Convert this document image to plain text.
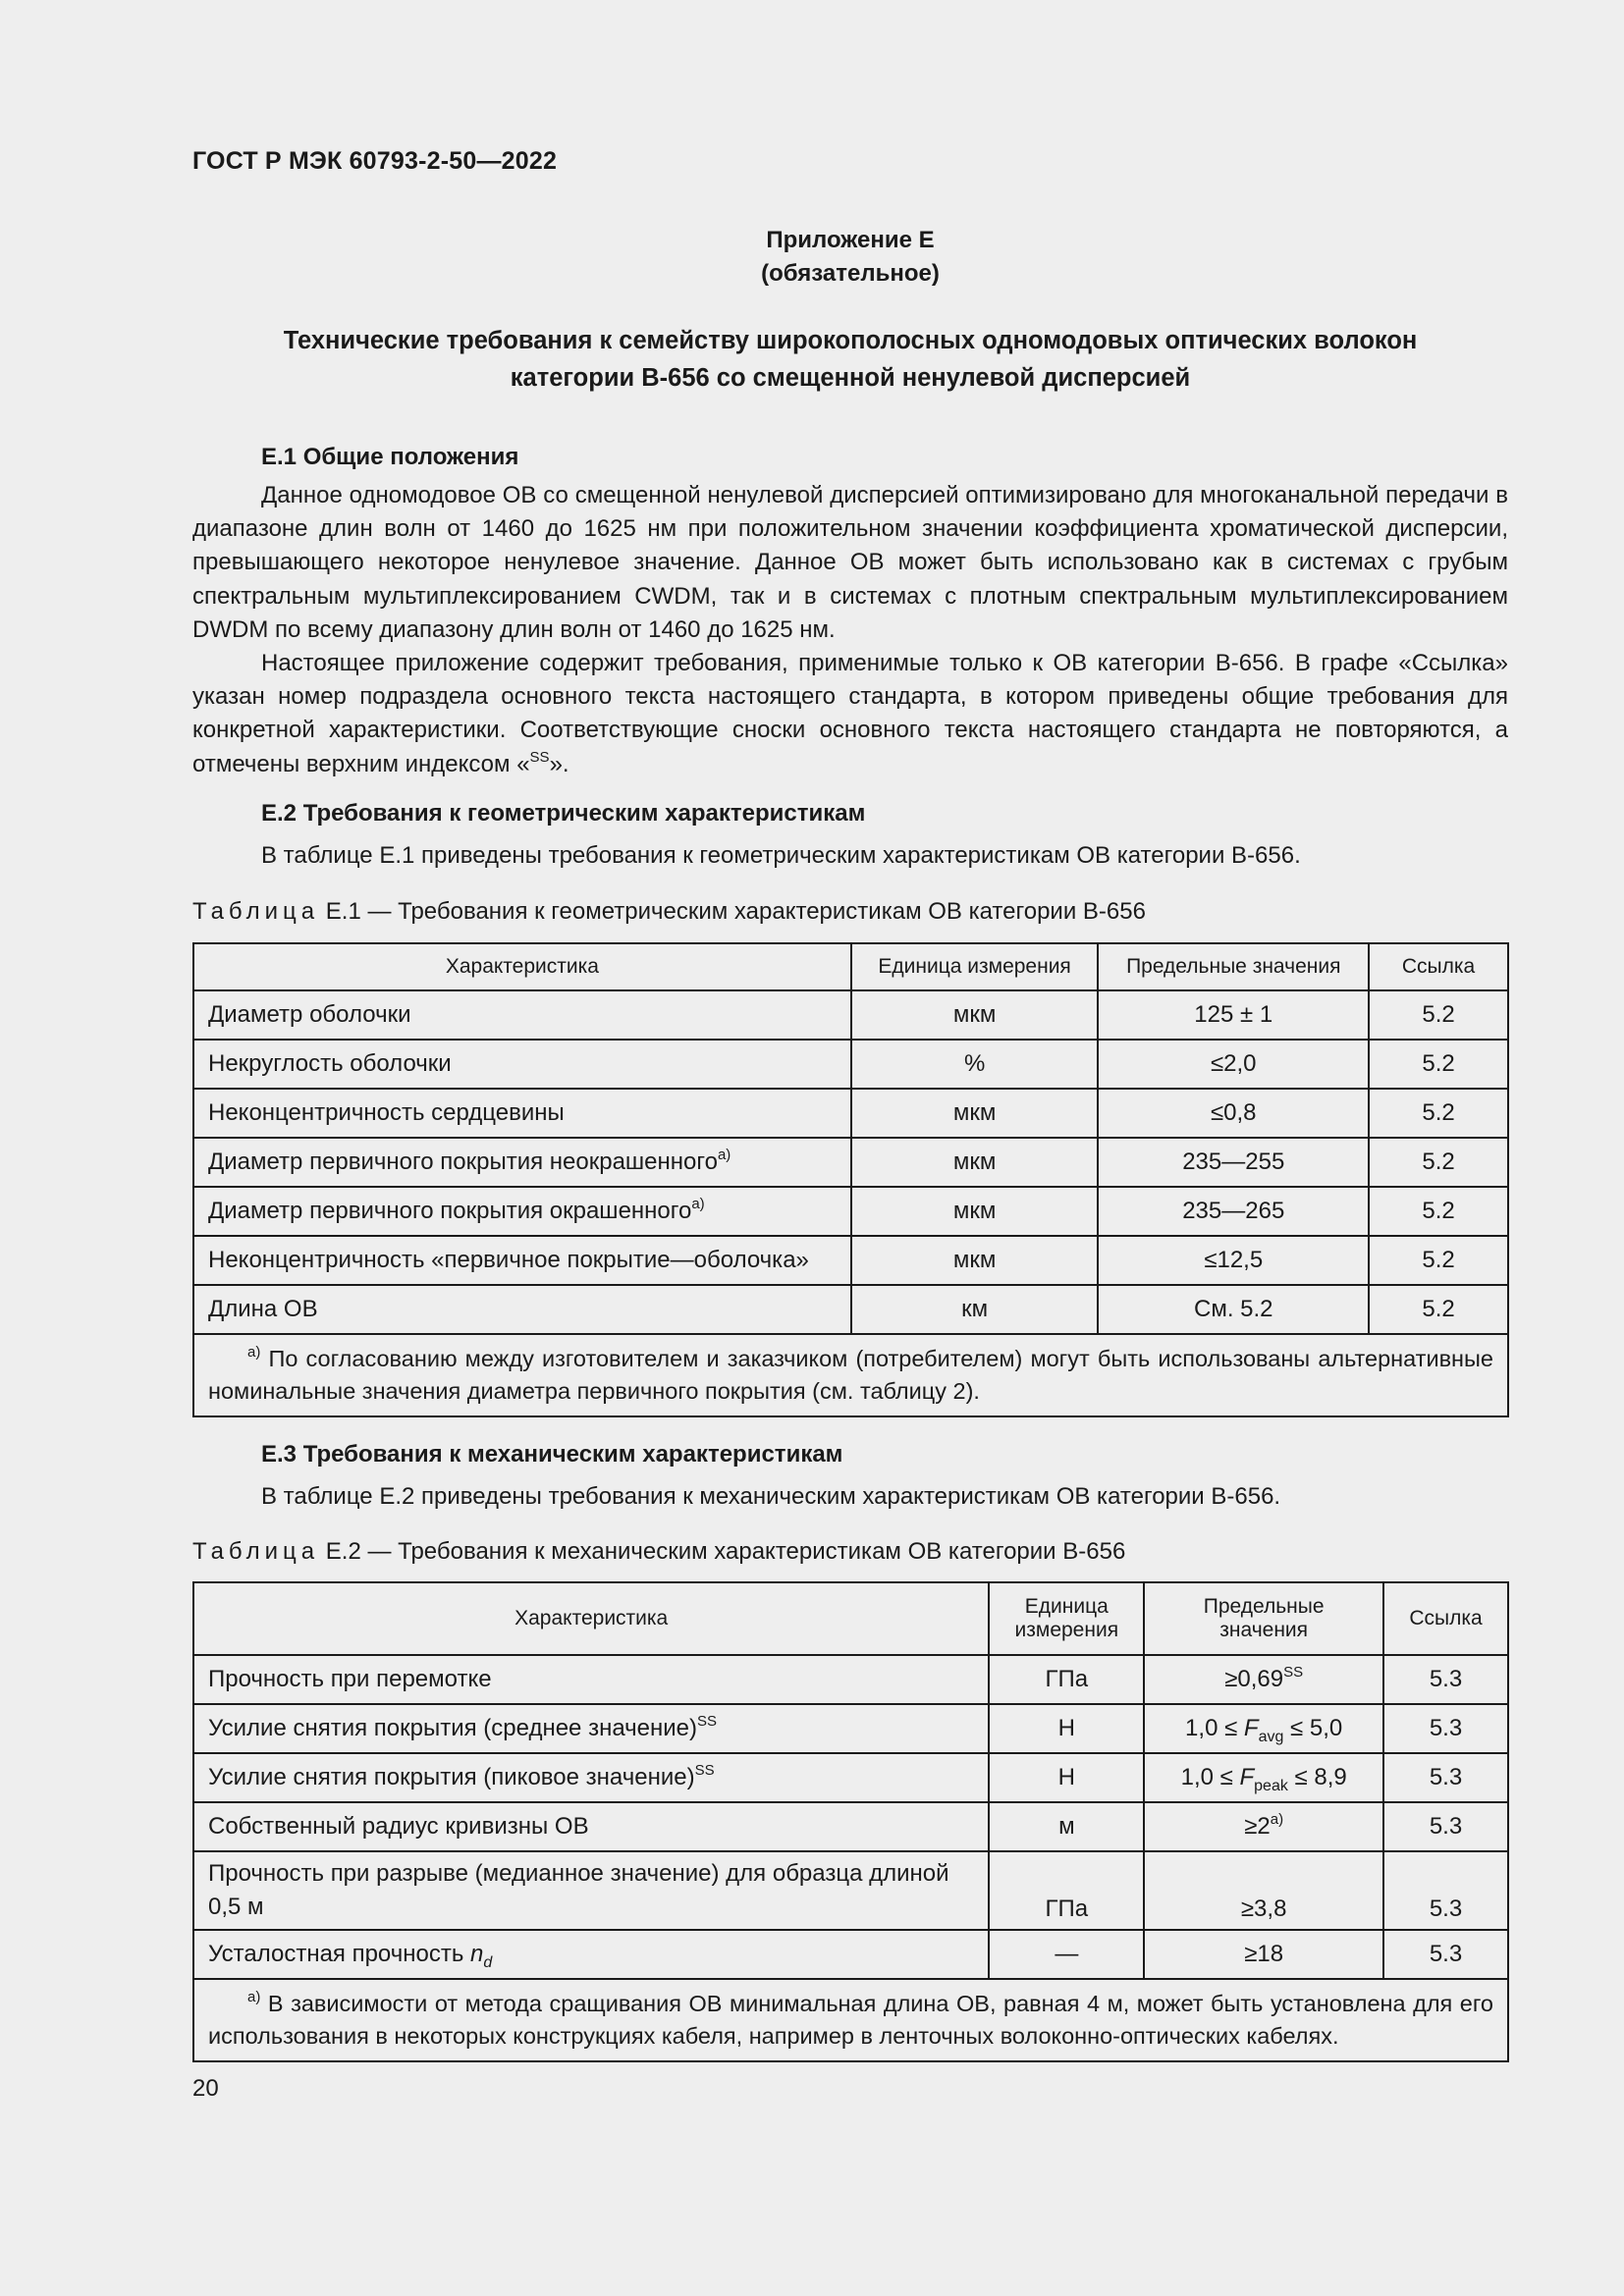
ГОСТ Р МЭК 60793-2-50—2022
Приложение Е
(обязательное)
Технические требования к семейству широкополосных одномодовых оптических волокон
категории В-656 со смещенной ненулевой дисперсией
Е.1 Общие положения
Данное одномодовое ОВ со смещенной ненулевой дисперсией оптимизировано для многоканальной передачи в диапазоне длин волн от 1460 до 1625 нм при положительном значении коэффициента хроматической дисперсии, превышающего некоторое ненулевое значение. Данное ОВ может быть использовано как в системах с грубым спектральным мультиплексированием CWDM, так и в системах с плотным спектральным мультиплексированием DWDM по всему диапазону длин волн от 1460 до 1625 нм.
Настоящее приложение содержит требования, применимые только к ОВ категории В-656. В графе «Ссылка» указан номер подраздела основного текста настоящего стандарта, в котором приведены общие требования для конкретной характеристики. Соответствующие сноски основного текста настоящего стандарта не повторяются, а отмечены верхним индексом «$^{SS}$».
Е.2 Требования к геометрическим характеристикам
В таблице Е.1 приведены требования к геометрическим характеристикам ОВ категории В-656.
Таблица Е.1 — Требования к геометрическим характеристикам ОВ категории В-656
Характеристика	Единица измерения	Предельные значения	Ссылка
Диаметр оболочки	мкм	125 ± 1	5.2
Некруглость оболочки	%	≤2,0	5.2
Неконцентричность сердцевины	мкм	≤0,8	5.2
Диаметр первичного покрытия неокрашенного$^{а)}$	мкм	235—255	5.2
Диаметр первичного покрытия окрашенного$^{а)}$	мкм	235—265	5.2
Неконцентричность «первичное покрытие—оболочка»	мкм	≤12,5	5.2
Длина ОВ	км	См. 5.2	5.2

$^{а)}$ По согласованию между изготовителем и заказчиком (потребителем) могут быть использованы альтернативные номинальные значения диаметра первичного покрытия (см. таблицу 2).			
Е.3 Требования к механическим характеристикам
В таблице Е.2 приведены требования к механическим характеристикам ОВ категории В-656.
Таблица Е.2 — Требования к механическим характеристикам ОВ категории В-656
Характеристика	Единица измерения	Предельные значения	Ссылка
Прочность при перемотке	ГПа	$\ge 0,69^{SS}$	5.3
Усилие снятия покрытия (среднее значение)$^{SS}$	Н	$1,0 \le F_{avg} \le 5,0$	5.3
Усилие снятия покрытия (пиковое значение)$^{SS}$	Н	$1,0 \le F_{peak} \le 8,9$	5.3
Собственный радиус кривизны ОВ	м	$\ge 2^{а)}$	5.3
Прочность при разрыве (медианное значение) для образца длиной 0,5 м	ГПа	≥3,8	5.3
Усталостная прочность $n_d$	—	≥18	5.3

$^{а)}$ В зависимости от метода сращивания ОВ минимальная длина ОВ, равная 4 м, может быть установлена для его использования в некоторых конструкциях кабеля, например в ленточных волоконно-оптических кабелях.			
20
